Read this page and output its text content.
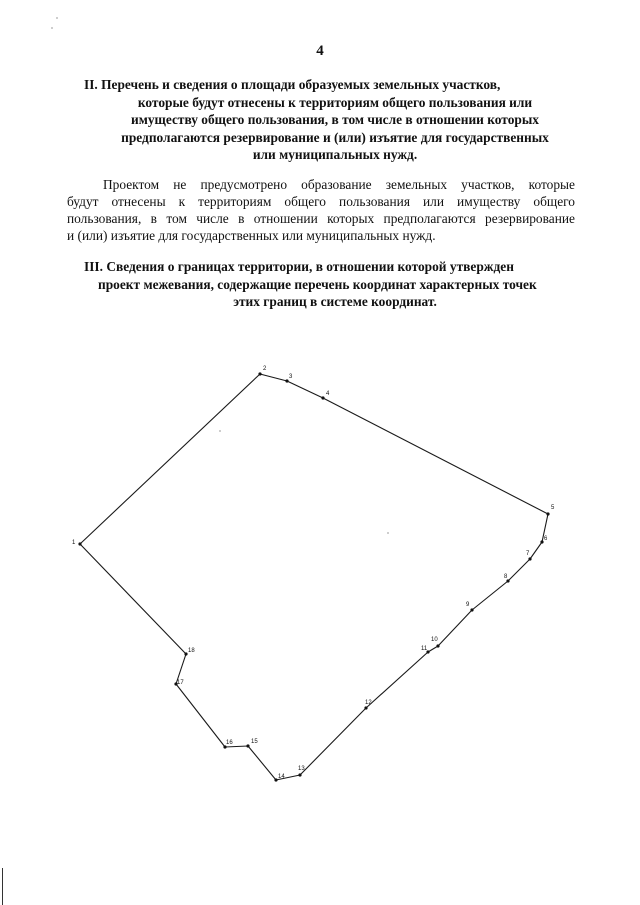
4
II. Перечень и сведения о площади образуемых земельных участков,
которые будут отнесены к территориям общего пользования или
имуществу общего пользования, в том числе в отношении которых
предполагаются резервирование и (или) изъятие для государственных
или муниципальных нужд.
Проектом не предусмотрено образование земельных участков, которые
будут отнесены к территориям общего пользования или имуществу общего
пользования, в том числе в отношении которых предполагаются резервирование
и (или) изъятие для государственных или муниципальных нужд.
III. Сведения о границах территории, в отношении которой утвержден
проект межевания, содержащие перечень координат характерных точек
этих границ в системе координат.
1
2
3
4
5
6
7
8
9
10
11
12
13
14
15
16
17
18
